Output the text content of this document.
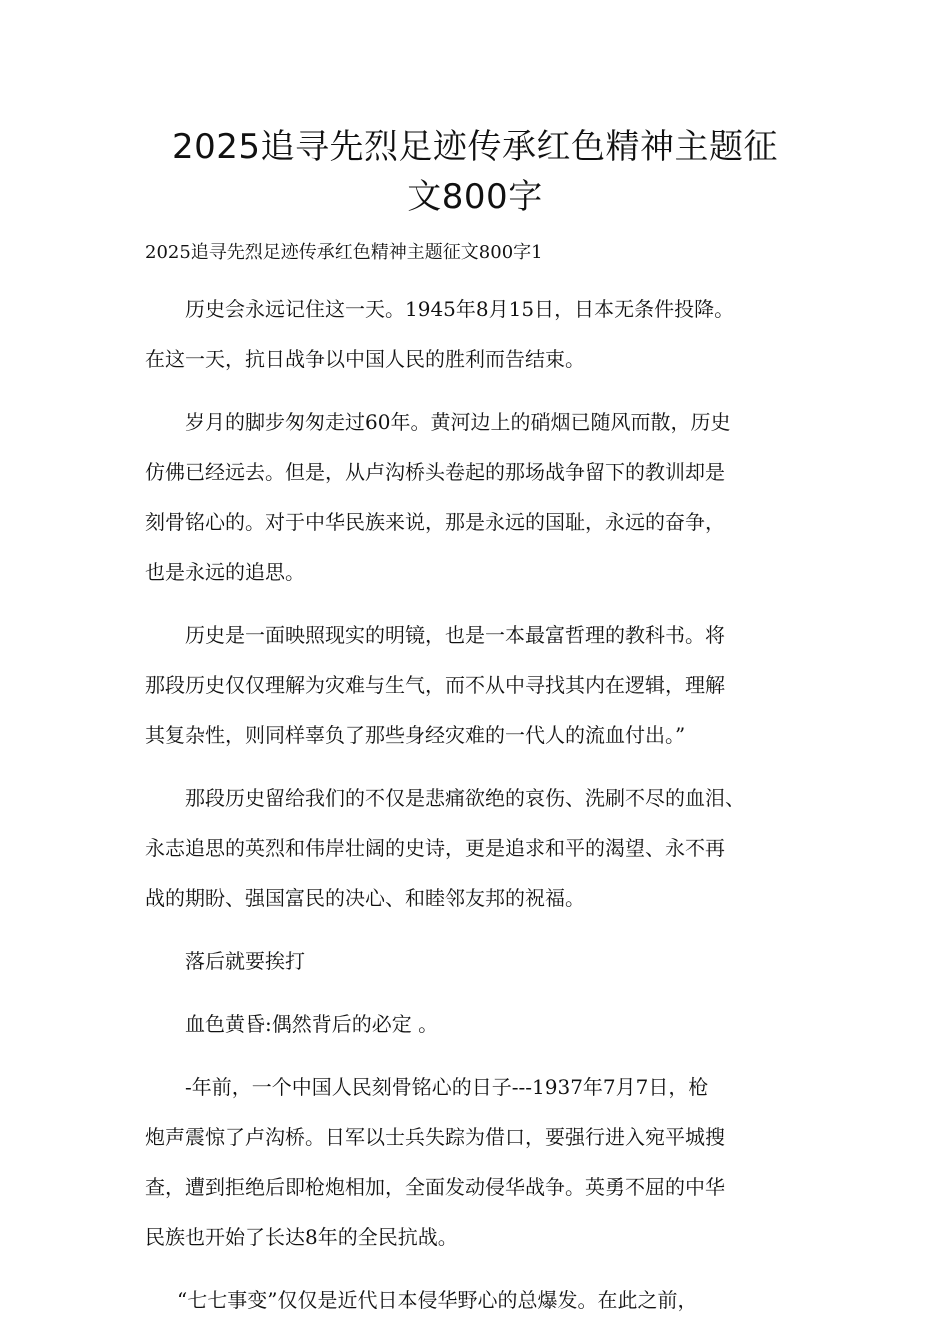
2025追寻先烈足迹传承红色精神主题征
文800字

2025追寻先烈足迹传承红色精神主题征文800字1

历史会永远记住这一天。1945年8月15日，日本无条件投降。
在这一天，抗日战争以中国人民的胜利而告结束。

岁月的脚步匆匆走过60年。黄河边上的硝烟已随风而散，历史
仿佛已经远去。但是，从卢沟桥头卷起的那场战争留下的教训却是
刻骨铭心的。对于中华民族来说，那是永远的国耻，永远的奋争，
也是永远的追思。

历史是一面映照现实的明镜，也是一本最富哲理的教科书。将
那段历史仅仅理解为灾难与生气，而不从中寻找其内在逻辑，理解
其复杂性，则同样辜负了那些身经灾难的一代人的流血付出。”

那段历史留给我们的不仅是悲痛欲绝的哀伤、洗刷不尽的血泪、
永志追思的英烈和伟岸壮阔的史诗，更是追求和平的渴望、永不再
战的期盼、强国富民的决心、和睦邻友邦的祝福。

落后就要挨打

血色黄昏:偶然背后的必定 。

-年前，一个中国人民刻骨铭心的日子---1937年7月7日，枪
炮声震惊了卢沟桥。日军以士兵失踪为借口，要强行进入宛平城搜
查，遭到拒绝后即枪炮相加，全面发动侵华战争。英勇不屈的中华
民族也开始了长达8年的全民抗战。

“七七事变”仅仅是近代日本侵华野心的总爆发。在此之前，
